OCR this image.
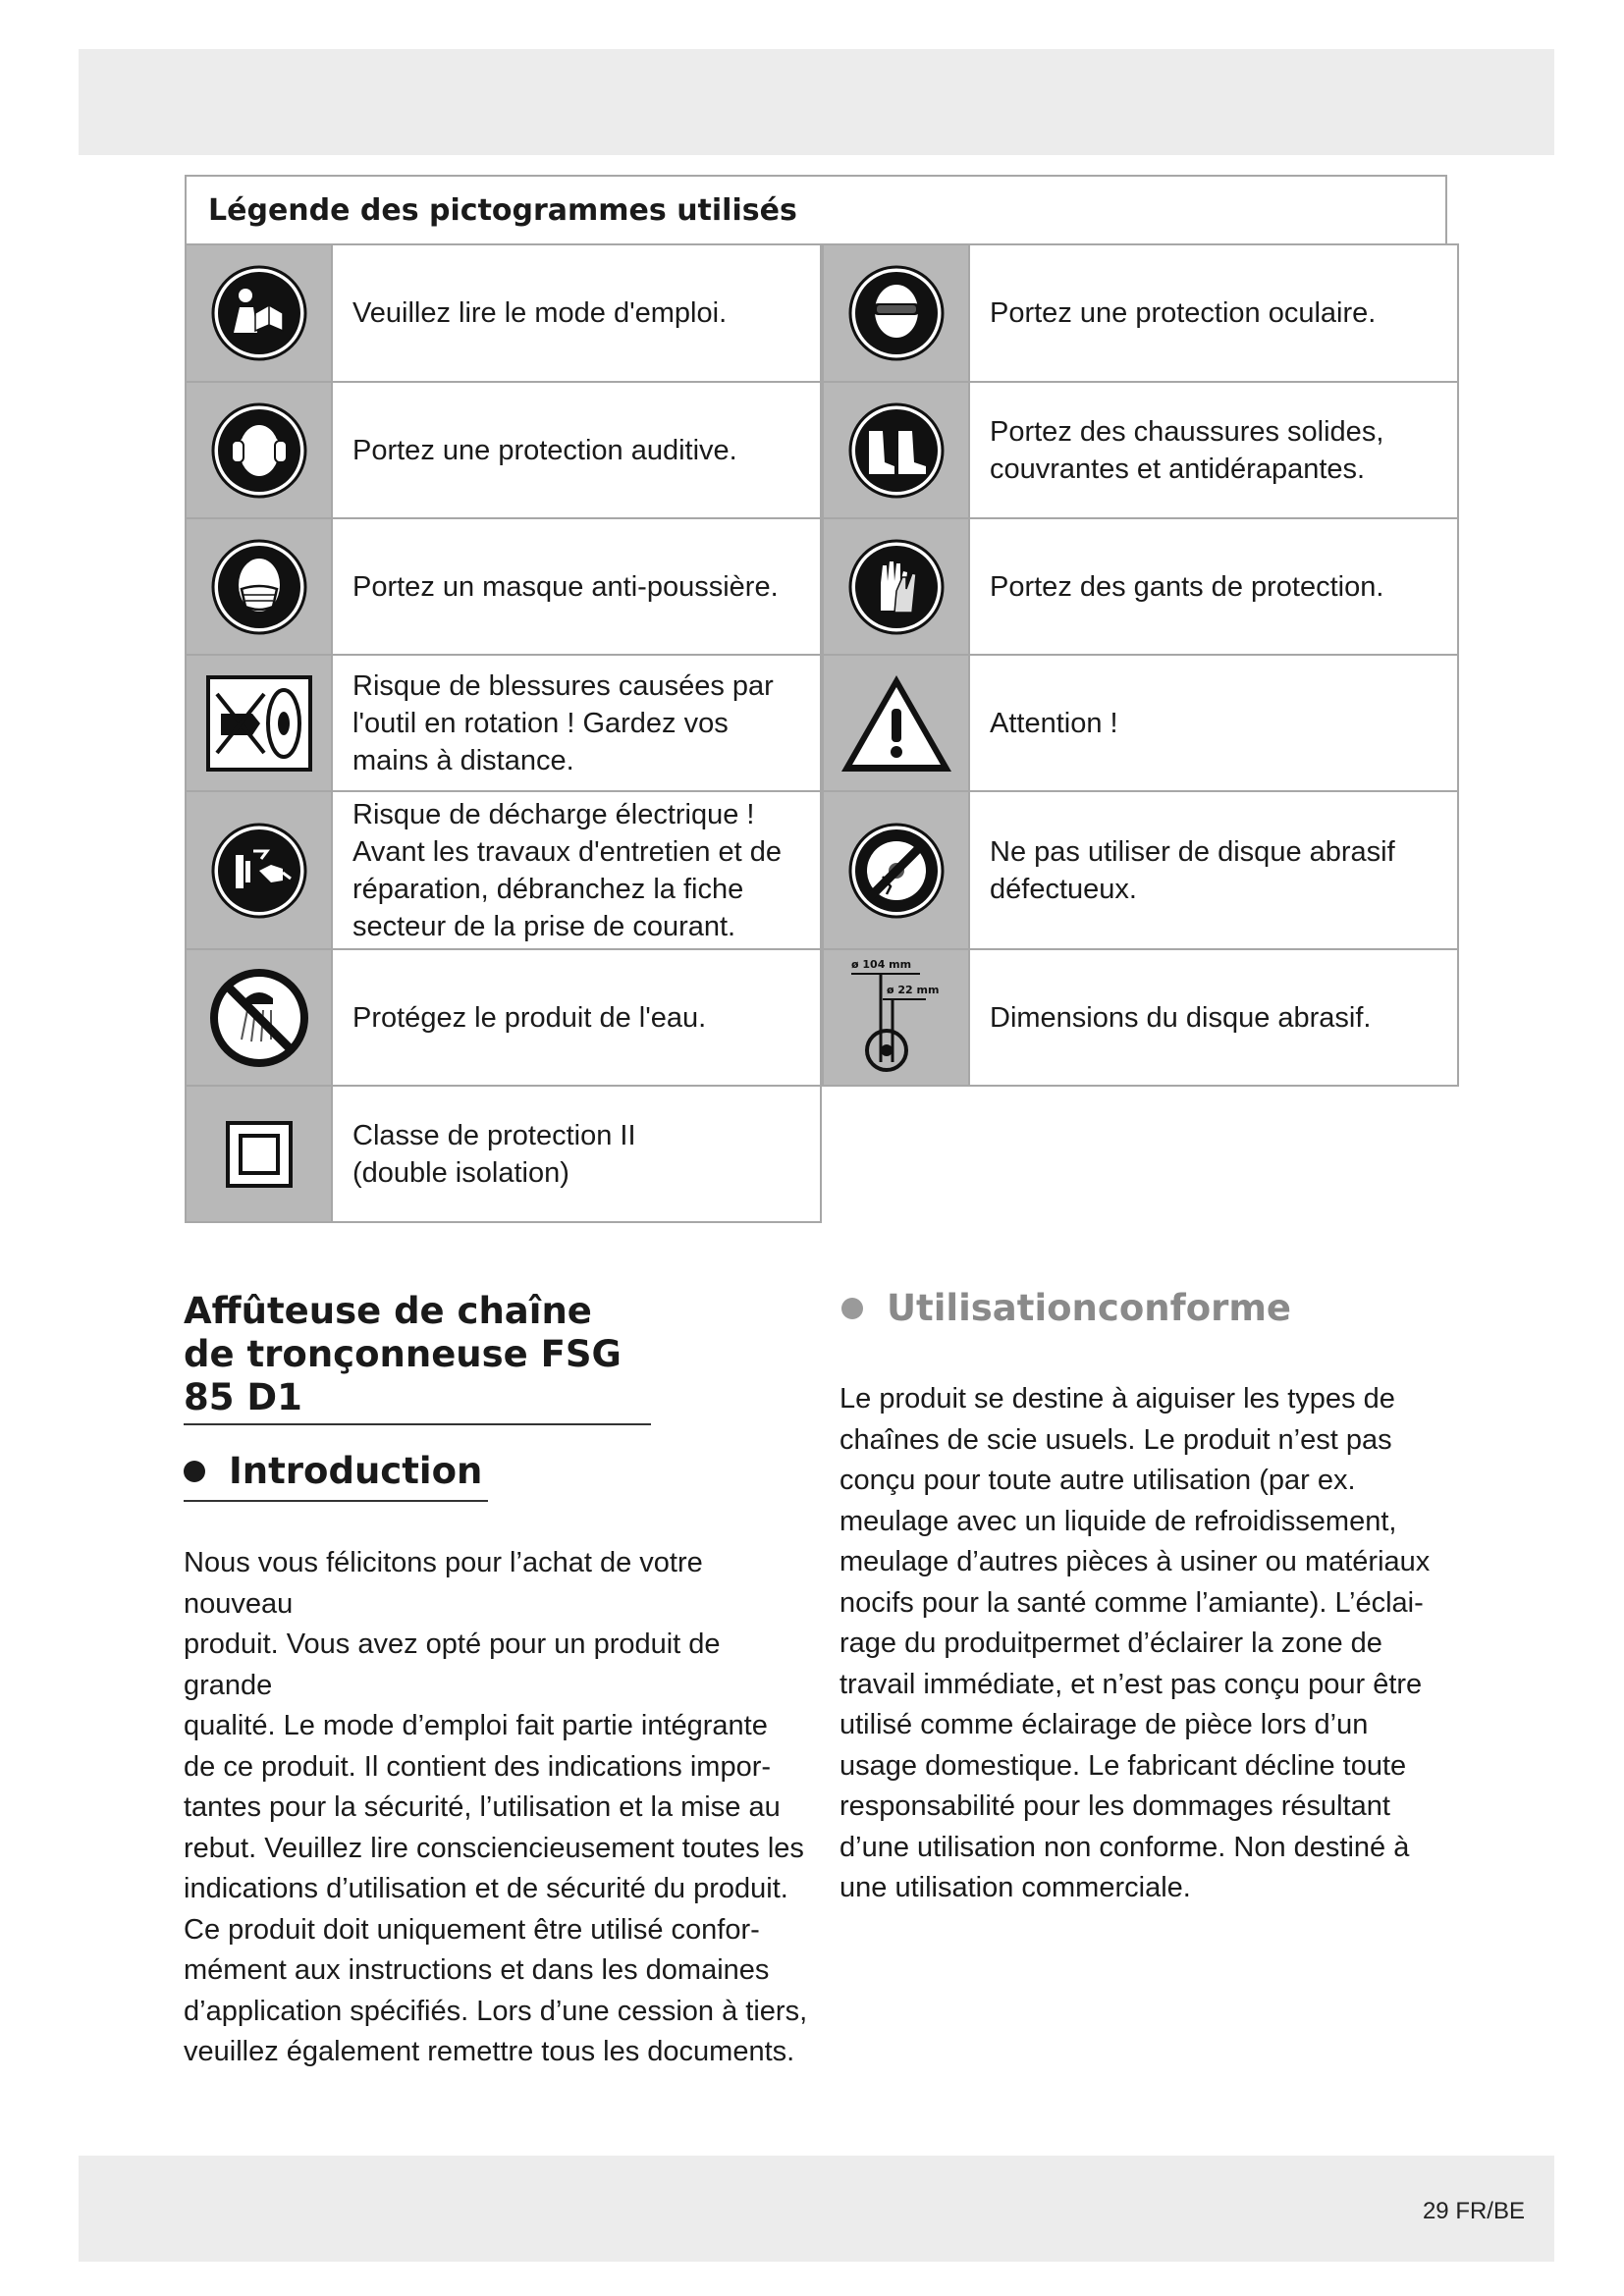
Légende des pictogrammes utilisés
Veuillez lire le mode d'emploi.	Portez une protection oculaire.
Portez une protection auditive.
Portez des chaussures solides,
couvrantes et antidérapantes.
Portez un masque anti-poussière.	Portez des gants de protection.
Risque de blessures causées par
l'outil en rotation ! Gardez vos
mains à distance.
Attention !
Risque de décharge électrique !
Avant les travaux d'entretien et de
réparation, débranchez la fiche
secteur de la prise de courant.
Ne pas utiliser de disque abrasif
défectueux.
Protégez le produit de l'eau.
ø 104 mm
ø 22 mm
Dimensions du disque abrasif.
Classe de protection II
(double isolation)
Affûteuse de chaîne de tronçonneuse FSG 85 D1
Introduction
Nous vous félicitons pour l’achat de votre nouveau
produit. Vous avez opté pour un produit de grande
qualité. Le mode d’emploi fait partie intégrante
de ce produit. Il contient des indications impor-
tantes pour la sécurité, l’utilisation et la mise au
rebut. Veuillez lire consciencieusement toutes les
indications d’utilisation et de sécurité du produit.
Ce produit doit uniquement être utilisé confor-
mément aux instructions et dans les domaines
d’application spécifiés. Lors d’une cession à tiers,
veuillez également remettre tous les documents.
Utilisationconforme
Le produit se destine à aiguiser les types de
chaînes de scie usuels. Le produit n’est pas
conçu pour toute autre utilisation (par ex.
meulage avec un liquide de refroidissement,
meulage d’autres pièces à usiner ou matériaux
nocifs pour la santé comme l’amiante). L’éclai-
rage du produitpermet d’éclairer la zone de
travail immédiate, et n’est pas conçu pour être
utilisé comme éclairage de pièce lors d’un
usage domestique. Le fabricant décline toute
responsabilité pour les dommages résultant
d’une utilisation non conforme. Non destiné à
une utilisation commerciale.
29 FR/BE
